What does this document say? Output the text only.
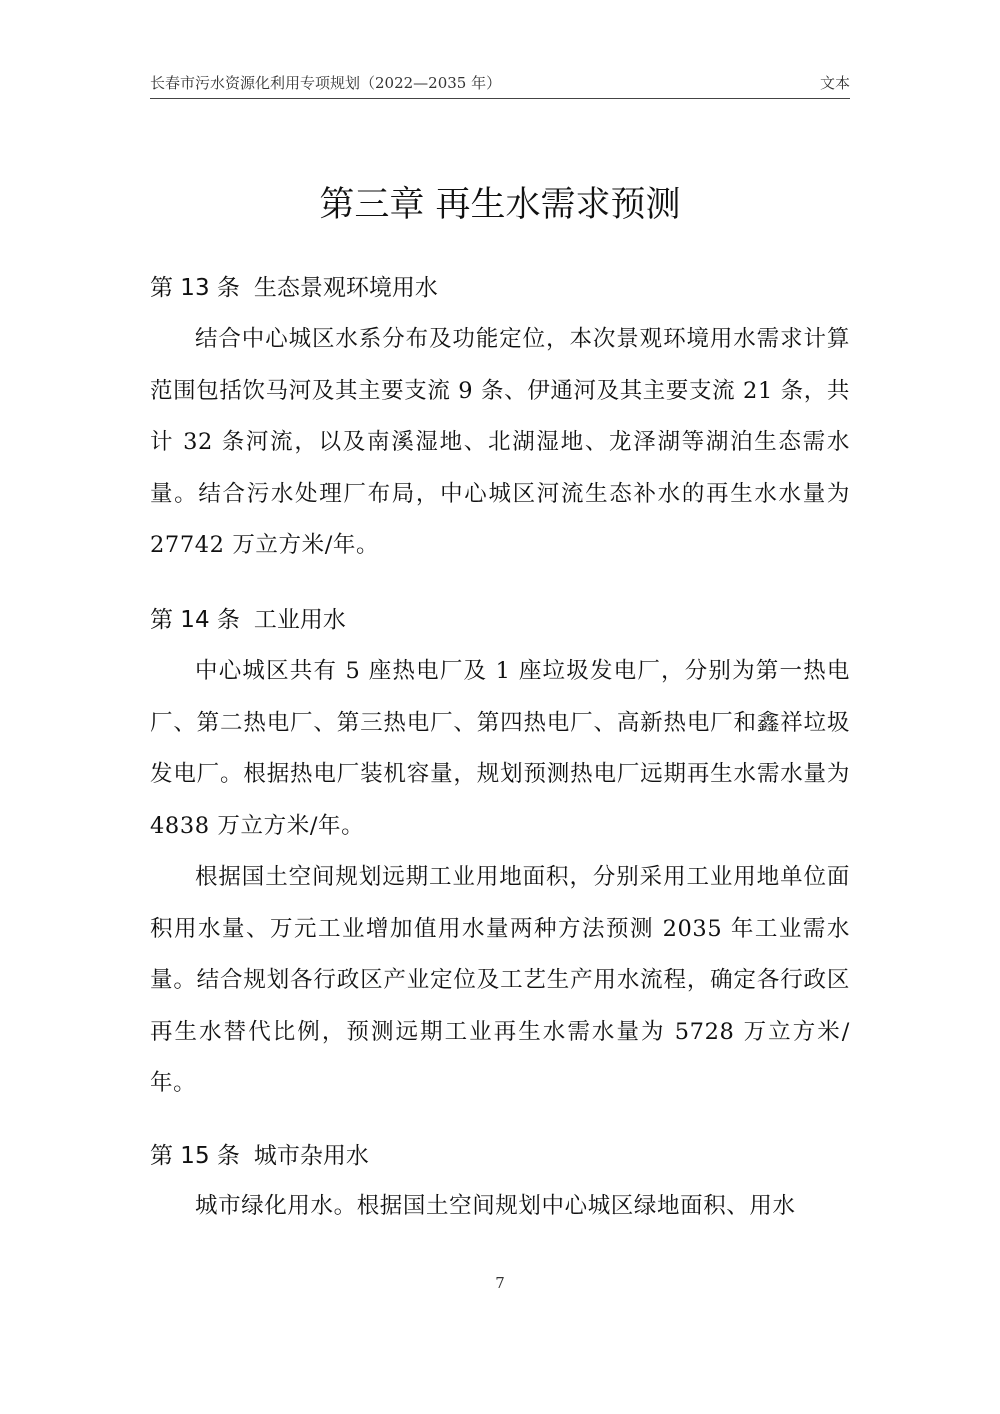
长春市污水资源化利用专项规划（2022—2035 年）	文本
第三章 再生水需求预测
第 13 条 生态景观环境用水

结合中心城区水系分布及功能定位，本次景观环境用水需求计算范围包括饮马河及其主要支流 9 条、伊通河及其主要支流 21 条，共计 32 条河流，以及南溪湿地、北湖湿地、龙泽湖等湖泊生态需水量。结合污水处理厂布局，中心城区河流生态补水的再生水水量为 27742 万立方米/年。

第 14 条 工业用水

中心城区共有 5 座热电厂及 1 座垃圾发电厂，分别为第一热电厂、第二热电厂、第三热电厂、第四热电厂、高新热电厂和鑫祥垃圾发电厂。根据热电厂装机容量，规划预测热电厂远期再生水需水量为 4838 万立方米/年。

根据国土空间规划远期工业用地面积，分别采用工业用地单位面积用水量、万元工业增加值用水量两种方法预测 2035 年工业需水量。结合规划各行政区产业定位及工艺生产用水流程，确定各行政区再生水替代比例，预测远期工业再生水需水量为 5728 万立方米/年。

第 15 条 城市杂用水

城市绿化用水。根据国土空间规划中心城区绿地面积、用水

7
